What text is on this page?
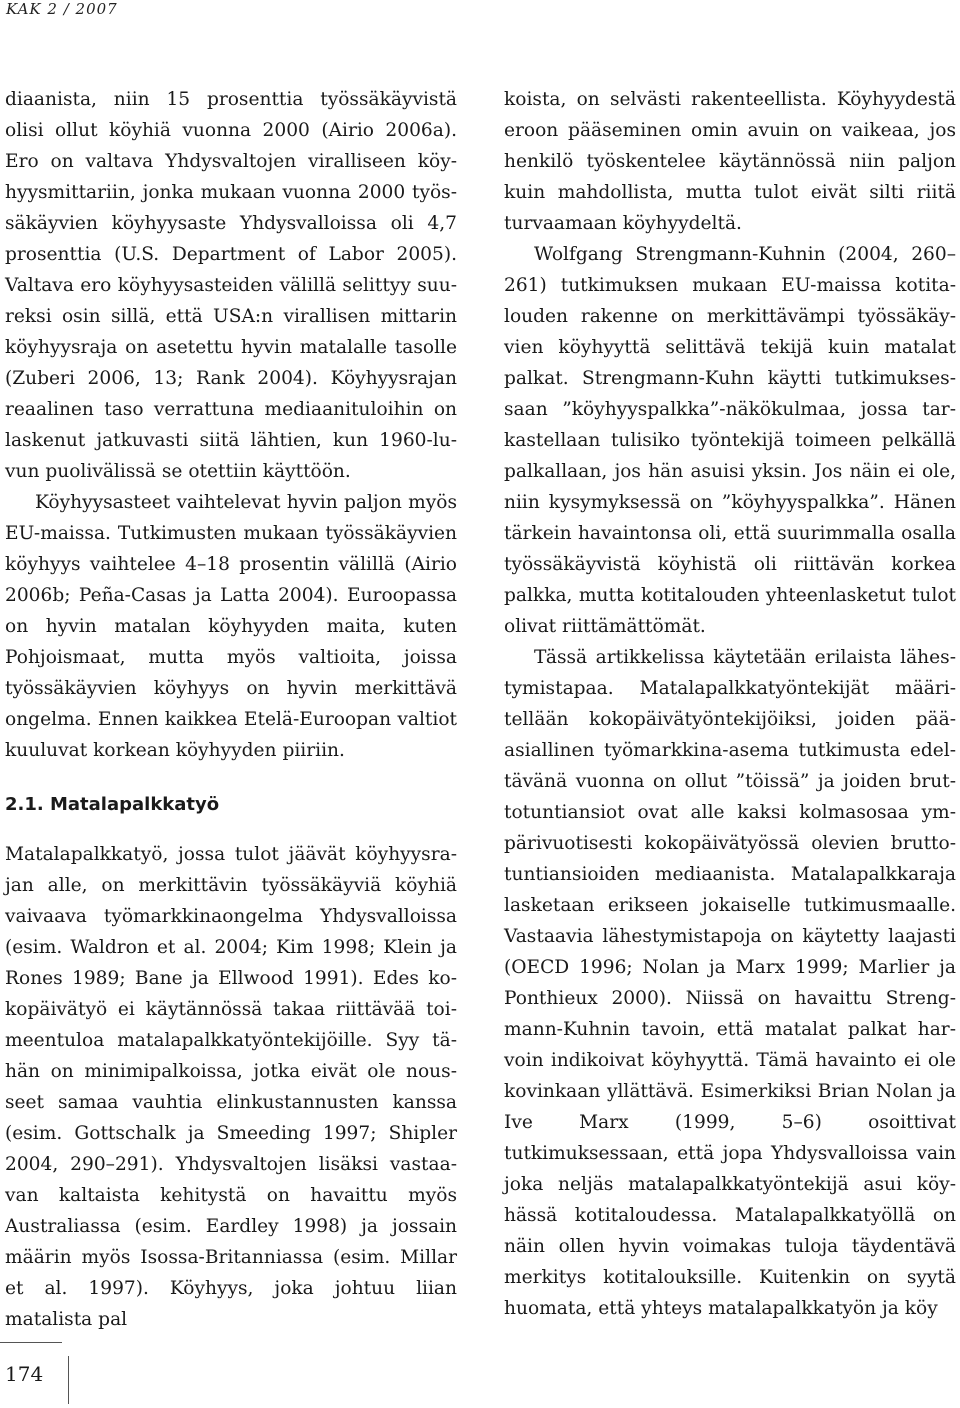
KAK 2 / 2007

diaanista, niin 15 prosenttia työssäkäyvistä olisi ollut köyhiä vuonna 2000 (Airio 2006a). Ero on valtava Yhdysvaltojen viralliseen köyhyysmittariin, jonka mukaan vuonna 2000 työssäkäyvien köyhyysaste Yhdysvalloissa oli 4,7 prosenttia (U.S. Department of Labor 2005). Valtava ero köyhyysasteiden välillä selittyy suureksi osin sillä, että USA:n virallisen mittarin köyhyysraja on asetettu hyvin matalalle tasolle (Zuberi 2006, 13; Rank 2004). Köyhyysrajan reaalinen taso verrattuna mediaanituloihin on laskenut jatkuvasti siitä lähtien, kun 1960-luvun puolivälissä se otettiin käyttöön.

Köyhyysasteet vaihtelevat hyvin paljon myös EU-maissa. Tutkimusten mukaan työssäkäyvien köyhyys vaihtelee 4–18 prosentin välillä (Airio 2006b; Peña-Casas ja Latta 2004). Euroopassa on hyvin matalan köyhyyden maita, kuten Pohjoismaat, mutta myös valtioita, joissa työssäkäyvien köyhyys on hyvin merkittävä ongelma. Ennen kaikkea Etelä-Euroopan valtiot kuuluvat korkean köyhyyden piiriin.

2.1. Matalapalkkatyö

Matalapalkkatyö, jossa tulot jäävät köyhyysrajan alle, on merkittävin työssäkäyviä köyhiä vaivaava työmarkkinaongelma Yhdysvalloissa (esim. Waldron et al. 2004; Kim 1998; Klein ja Rones 1989; Bane ja Ellwood 1991). Edes kokopäivätyö ei käytännössä takaa riittävää toimeentuloa matalapalkkatyöntekijöille. Syy tähän on minimipalkoissa, jotka eivät ole nousseet samaa vauhtia elinkustannusten kanssa (esim. Gottschalk ja Smeeding 1997; Shipler 2004, 290–291). Yhdysvaltojen lisäksi vastaavan kaltaista kehitystä on havaittu myös Australiassa (esim. Eardley 1998) ja jossain määrin myös Isossa-Britanniassa (esim. Millar et al. 1997). Köyhyys, joka johtuu liian matalista pal

koista, on selvästi rakenteellista. Köyhyydestä eroon pääseminen omin avuin on vaikeaa, jos henkilö työskentelee käytännössä niin paljon kuin mahdollista, mutta tulot eivät silti riitä turvaamaan köyhyydeltä.

Wolfgang Strengmann-Kuhnin (2004, 260–261) tutkimuksen mukaan EU-maissa kotitalouden rakenne on merkittävämpi työssäkäyvien köyhyyttä selittävä tekijä kuin matalat palkat. Strengmann-Kuhn käytti tutkimuksessaan ”köyhyyspalkka”-näkökulmaa, jossa tarkastellaan tulisiko työntekijä toimeen pelkällä palkallaan, jos hän asuisi yksin. Jos näin ei ole, niin kysymyksessä on ”köyhyyspalkka”. Hänen tärkein havaintonsa oli, että suurimmalla osalla työssäkäyvistä köyhistä oli riittävän korkea palkka, mutta kotitalouden yhteenlasketut tulot olivat riittämättömät.

Tässä artikkelissa käytetään erilaista lähestymistapaa. Matalapalkkatyöntekijät määritellään kokopäivätyöntekijöiksi, joiden pääasiallinen työmarkkina-asema tutkimusta edeltävänä vuonna on ollut ”töissä” ja joiden bruttotuntiansiot ovat alle kaksi kolmasosaa ympärivuotisesti kokopäivätyössä olevien bruttotuntiansioiden mediaanista. Matalapalkkaraja lasketaan erikseen jokaiselle tutkimusmaalle. Vastaavia lähestymistapoja on käytetty laajasti (OECD 1996; Nolan ja Marx 1999; Marlier ja Ponthieux 2000). Niissä on havaittu Strengmann-Kuhnin tavoin, että matalat palkat harvoin indikoivat köyhyyttä. Tämä havainto ei ole kovinkaan yllättävä. Esimerkiksi Brian Nolan ja Ive Marx (1999, 5–6) osoittivat tutkimuksessaan, että jopa Yhdysvalloissa vain joka neljäs matalapalkkatyöntekijä asui köyhässä kotitaloudessa. Matalapalkkatyöllä on näin ollen hyvin voimakas tuloja täydentävä merkitys kotitalouksille. Kuitenkin on syytä huomata, että yhteys matalapalkkatyön ja köy

174
